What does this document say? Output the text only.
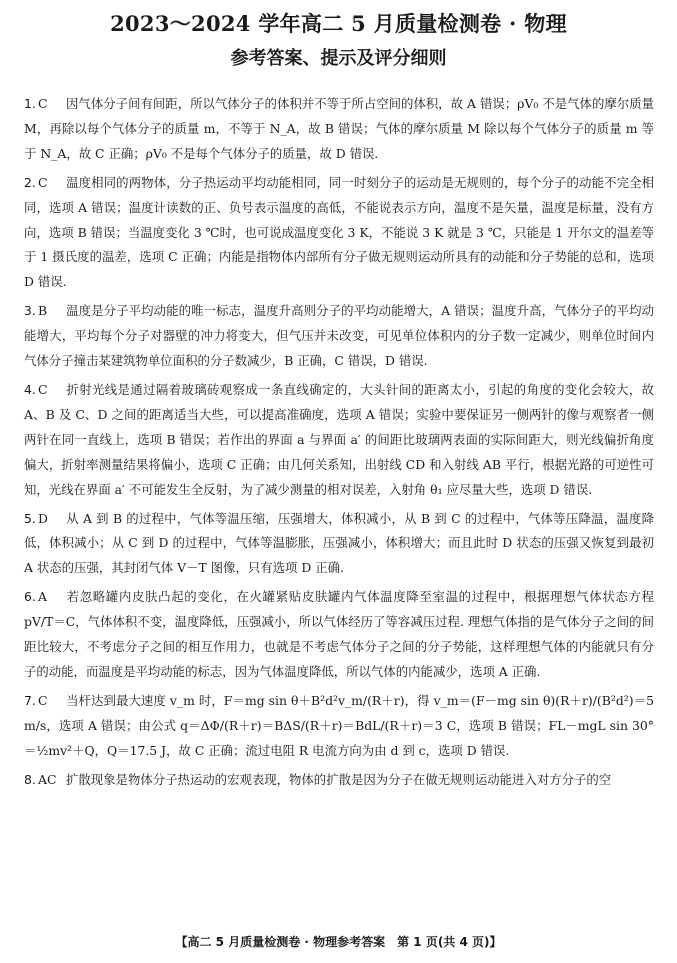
2023～2024 学年高二 5 月质量检测卷 · 物理
参考答案、提示及评分细则

1. C 因气体分子间有间距，所以气体分子的体积并不等于所占空间的体积，故 A 错误；ρV₀ 不是气体的摩尔质量 M，再除以每个气体分子的质量 m，不等于 N_A，故 B 错误；气体的摩尔质量 M 除以每个气体分子的质量 m 等于 N_A，故 C 正确；ρV₀ 不是每个气体分子的质量，故 D 错误.

2. C 温度相同的两物体，分子热运动平均动能相同，同一时刻分子的运动是无规则的，每个分子的动能不完全相同，选项 A 错误；温度计读数的正、负号表示温度的高低，不能说表示方向，温度不是矢量，温度是标量，没有方向，选项 B 错误；当温度变化 3 ℃时，也可说成温度变化 3 K，不能说 3 K 就是 3 ℃，只能是 1 开尔文的温差等于 1 摄氏度的温差，选项 C 正确；内能是指物体内部所有分子做无规则运动所具有的动能和分子势能的总和，选项 D 错误.

3. B 温度是分子平均动能的唯一标志，温度升高则分子的平均动能增大，A 错误；温度升高，气体分子的平均动能增大，平均每个分子对器壁的冲力将变大，但气压并未改变，可见单位体积内的分子数一定减少，则单位时间内气体分子撞击某建筑物单位面积的分子数减少，B 正确，C 错误，D 错误.

4. C 折射光线是通过隔着玻璃砖观察成一条直线确定的，大头针间的距离太小，引起的角度的变化会较大，故 A、B 及 C、D 之间的距离适当大些，可以提高准确度，选项 A 错误；实验中要保证另一侧两针的像与观察者一侧两针在同一直线上，选项 B 错误；若作出的界面 a 与界面 a′ 的间距比玻璃两表面的实际间距大，则光线偏折角度偏大，折射率测量结果将偏小，选项 C 正确；由几何关系知，出射线 CD 和入射线 AB 平行，根据光路的可逆性可知，光线在界面 a′ 不可能发生全反射，为了减少测量的相对误差，入射角 θ₁ 应尽量大些，选项 D 错误.

5. D 从 A 到 B 的过程中，气体等温压缩，压强增大，体积减小，从 B 到 C 的过程中，气体等压降温，温度降低，体积减小；从 C 到 D 的过程中，气体等温膨胀，压强减小，体积增大；而且此时 D 状态的压强又恢复到最初 A 状态的压强，其封闭气体 V－T 图像，只有选项 D 正确.

6. A 若忽略罐内皮肤凸起的变化，在火罐紧贴皮肤罐内气体温度降至室温的过程中，根据理想气体状态方程 pV/T＝C，气体体积不变，温度降低，压强减小，所以气体经历了等容减压过程. 理想气体指的是气体分子之间的间距比较大，不考虑分子之间的相互作用力，也就是不考虑气体分子之间的分子势能，这样理想气体的内能就只有分子的动能，而温度是平均动能的标志，因为气体温度降低，所以气体的内能减少，选项 A 正确.

7. C 当杆达到最大速度 v_m 时，F＝mg sin θ＋B²d²v_m/(R＋r)，得 v_m＝(F－mg sin θ)(R＋r)/(B²d²)＝5 m/s，选项 A 错误；由公式 q＝ΔΦ/(R＋r)＝BΔS/(R＋r)＝BdL/(R＋r)＝3 C，选项 B 错误；FL－mgL sin 30°＝½mv²＋Q，Q＝17.5 J，故 C 正确；流过电阻 R 电流方向为由 d 到 c，选项 D 错误.

8. AC 扩散现象是物体分子热运动的宏观表现，物体的扩散是因为分子在做无规则运动能进入对方分子的空

【高二 5 月质量检测卷 · 物理参考答案　第 1 页(共 4 页)】
